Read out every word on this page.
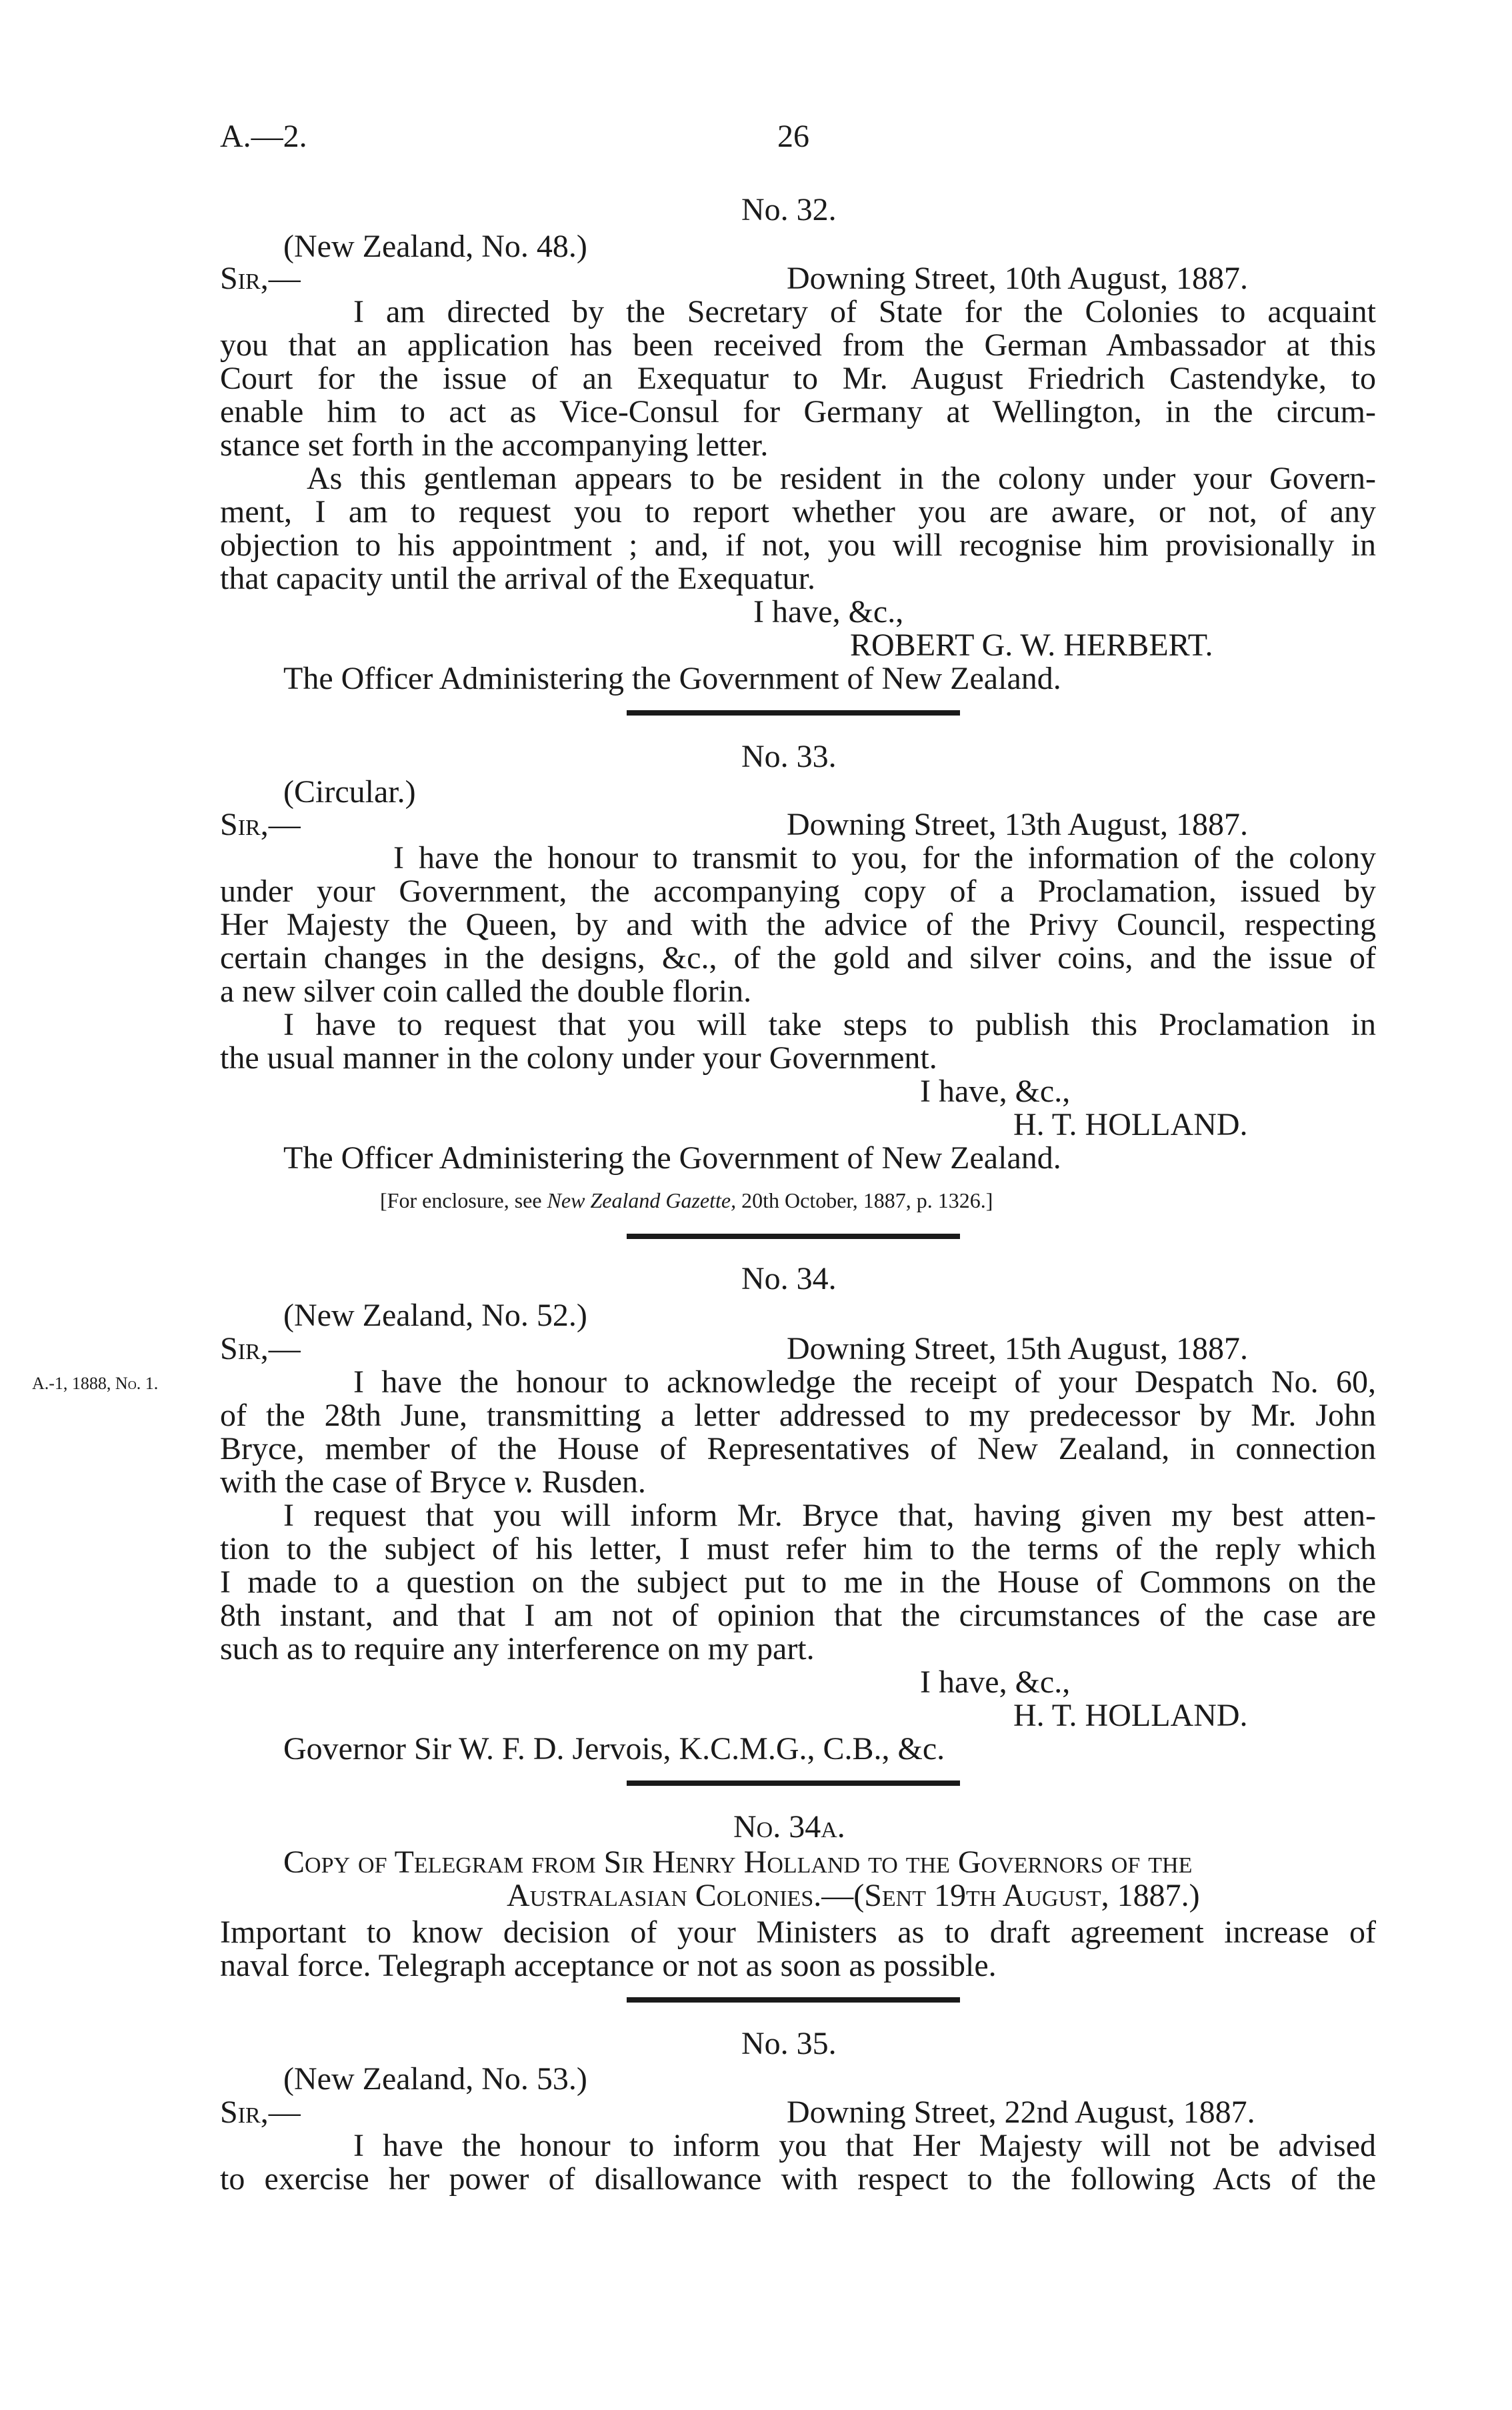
A.—2.	26
No. 32.
(New Zealand, No. 48.)
Sir,—	Downing Street, 10th August, 1887.
I am directed by the Secretary of State for the Colonies to acquaint
you that an application has been received from the German Ambassador at this
Court for the issue of an Exequatur to Mr. August Friedrich Castendyke, to
enable him to act as Vice-Consul for Germany at Wellington, in the circum-
stance set forth in the accompanying letter.
As this gentleman appears to be resident in the colony under your Govern-
ment, I am to request you to report whether you are aware, or not, of any
objection to his appointment ; and, if not, you will recognise him provisionally in
that capacity until the arrival of the Exequatur.
I have, &c.,
ROBERT G. W. HERBERT.
The Officer Administering the Government of New Zealand.
No. 33.
(Circular.)
Sir,—	Downing Street, 13th August, 1887.
I have the honour to transmit to you, for the information of the colony
under your Government, the accompanying copy of a Proclamation, issued by
Her Majesty the Queen, by and with the advice of the Privy Council, respecting
certain changes in the designs, &c., of the gold and silver coins, and the issue of
a new silver coin called the double florin.
I have to request that you will take steps to publish this Proclamation in
the usual manner in the colony under your Government.
I have, &c.,
H. T. HOLLAND.
The Officer Administering the Government of New Zealand.
[For enclosure, see New Zealand Gazette, 20th October, 1887, p. 1326.]
No. 34.
(New Zealand, No. 52.)
Sir,—	Downing Street, 15th August, 1887.
A.-1, 1888, No. 1.	I have the honour to acknowledge the receipt of your Despatch No. 60,
of the 28th June, transmitting a letter addressed to my predecessor by Mr. John
Bryce, member of the House of Representatives of New Zealand, in connection
with the case of Bryce v. Rusden.
I request that you will inform Mr. Bryce that, having given my best atten-
tion to the subject of his letter, I must refer him to the terms of the reply which
I made to a question on the subject put to me in the House of Commons on the
8th instant, and that I am not of opinion that the circumstances of the case are
such as to require any interference on my part.
I have, &c.,
H. T. HOLLAND.
Governor Sir W. F. D. Jervois, K.C.M.G., C.B., &c.
No. 34a.
Copy of Telegram from Sir Henry Holland to the Governors of the
Australasian Colonies.—(Sent 19th August, 1887.)
Important to know decision of your Ministers as to draft agreement increase of
naval force. Telegraph acceptance or not as soon as possible.
No. 35.
(New Zealand, No. 53.)
Sir,—	Downing Street, 22nd August, 1887.
I have the honour to inform you that Her Majesty will not be advised
to exercise her power of disallowance with respect to the following Acts of the
